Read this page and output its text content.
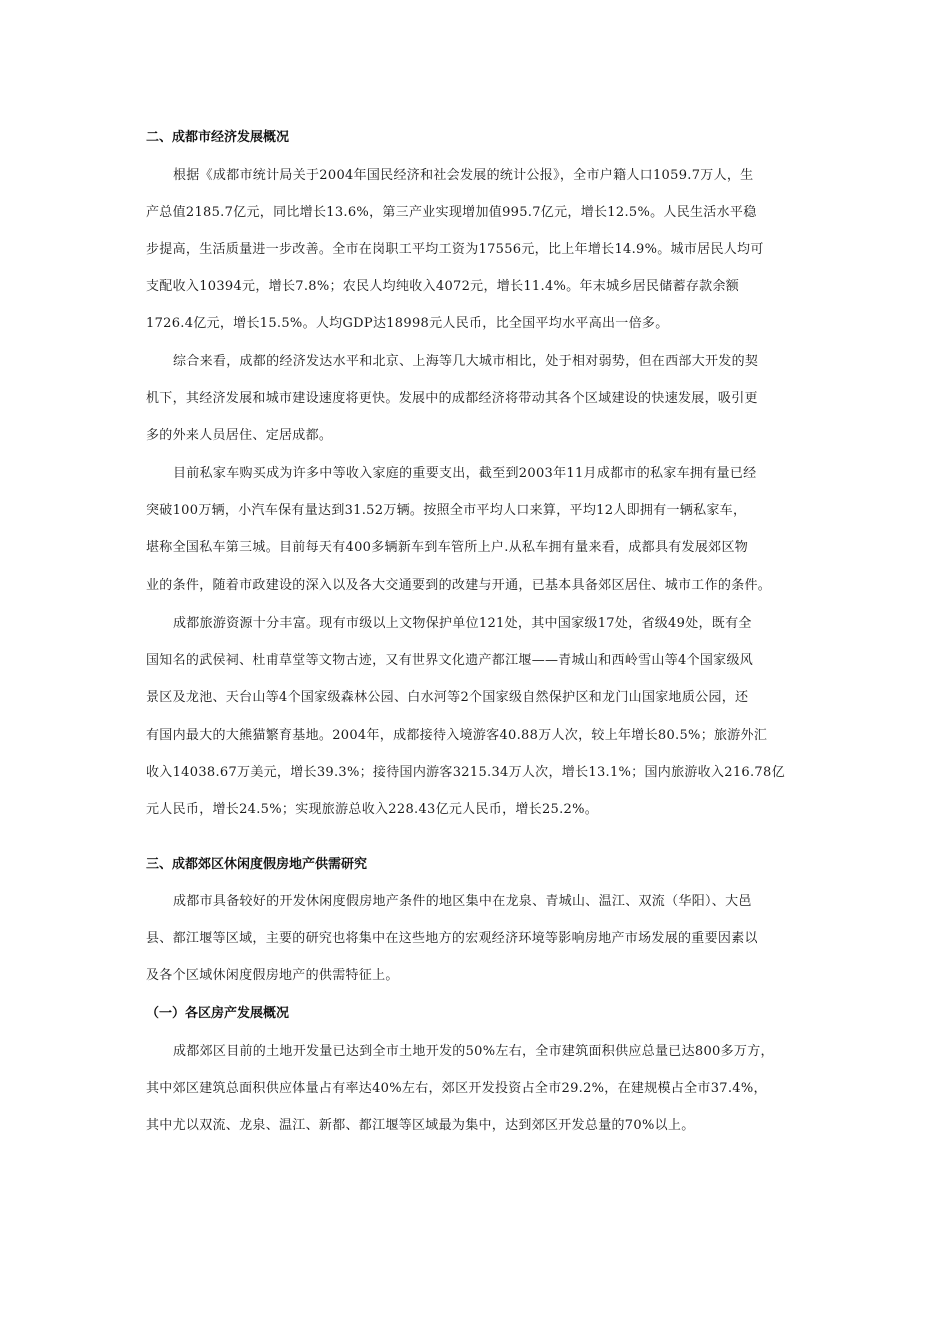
二、成都市经济发展概况
根据《成都市统计局关于2004年国民经济和社会发展的统计公报》，全市户籍人口1059.7万人，生
产总值2185.7亿元，同比增长13.6%，第三产业实现增加值995.7亿元，增长12.5%。人民生活水平稳
步提高，生活质量进一步改善。全市在岗职工平均工资为17556元，比上年增长14.9%。城市居民人均可
支配收入10394元，增长7.8%；农民人均纯收入4072元，增长11.4%。年末城乡居民储蓄存款余额
1726.4亿元，增长15.5%。人均GDP达18998元人民币，比全国平均水平高出一倍多。
综合来看，成都的经济发达水平和北京、上海等几大城市相比，处于相对弱势，但在西部大开发的契
机下，其经济发展和城市建设速度将更快。发展中的成都经济将带动其各个区域建设的快速发展，吸引更
多的外来人员居住、定居成都。
目前私家车购买成为许多中等收入家庭的重要支出，截至到2003年11月成都市的私家车拥有量已经
突破100万辆，小汽车保有量达到31.52万辆。按照全市平均人口来算，平均12人即拥有一辆私家车，
堪称全国私车第三城。目前每天有400多辆新车到车管所上户.从私车拥有量来看，成都具有发展郊区物
业的条件，随着市政建设的深入以及各大交通要到的改建与开通，已基本具备郊区居住、城市工作的条件。
成都旅游资源十分丰富。现有市级以上文物保护单位121处，其中国家级17处，省级49处，既有全
国知名的武侯祠、杜甫草堂等文物古迹，又有世界文化遗产都江堰——青城山和西岭雪山等4个国家级风
景区及龙池、天台山等4个国家级森林公园、白水河等2个国家级自然保护区和龙门山国家地质公园，还
有国内最大的大熊猫繁育基地。2004年，成都接待入境游客40.88万人次，较上年增长80.5%；旅游外汇
收入14038.67万美元，增长39.3%；接待国内游客3215.34万人次，增长13.1%；国内旅游收入216.78亿
元人民币，增长24.5%；实现旅游总收入228.43亿元人民币，增长25.2%。
三、成都郊区休闲度假房地产供需研究
成都市具备较好的开发休闲度假房地产条件的地区集中在龙泉、青城山、温江、双流（华阳）、大邑
县、都江堰等区域，主要的研究也将集中在这些地方的宏观经济环境等影响房地产市场发展的重要因素以
及各个区域休闲度假房地产的供需特征上。
（一）各区房产发展概况
成都郊区目前的土地开发量已达到全市土地开发的50%左右，全市建筑面积供应总量已达800多万方，
其中郊区建筑总面积供应体量占有率达40%左右，郊区开发投资占全市29.2%，在建规模占全市37.4%，
其中尤以双流、龙泉、温江、新都、都江堰等区域最为集中，达到郊区开发总量的70%以上。
